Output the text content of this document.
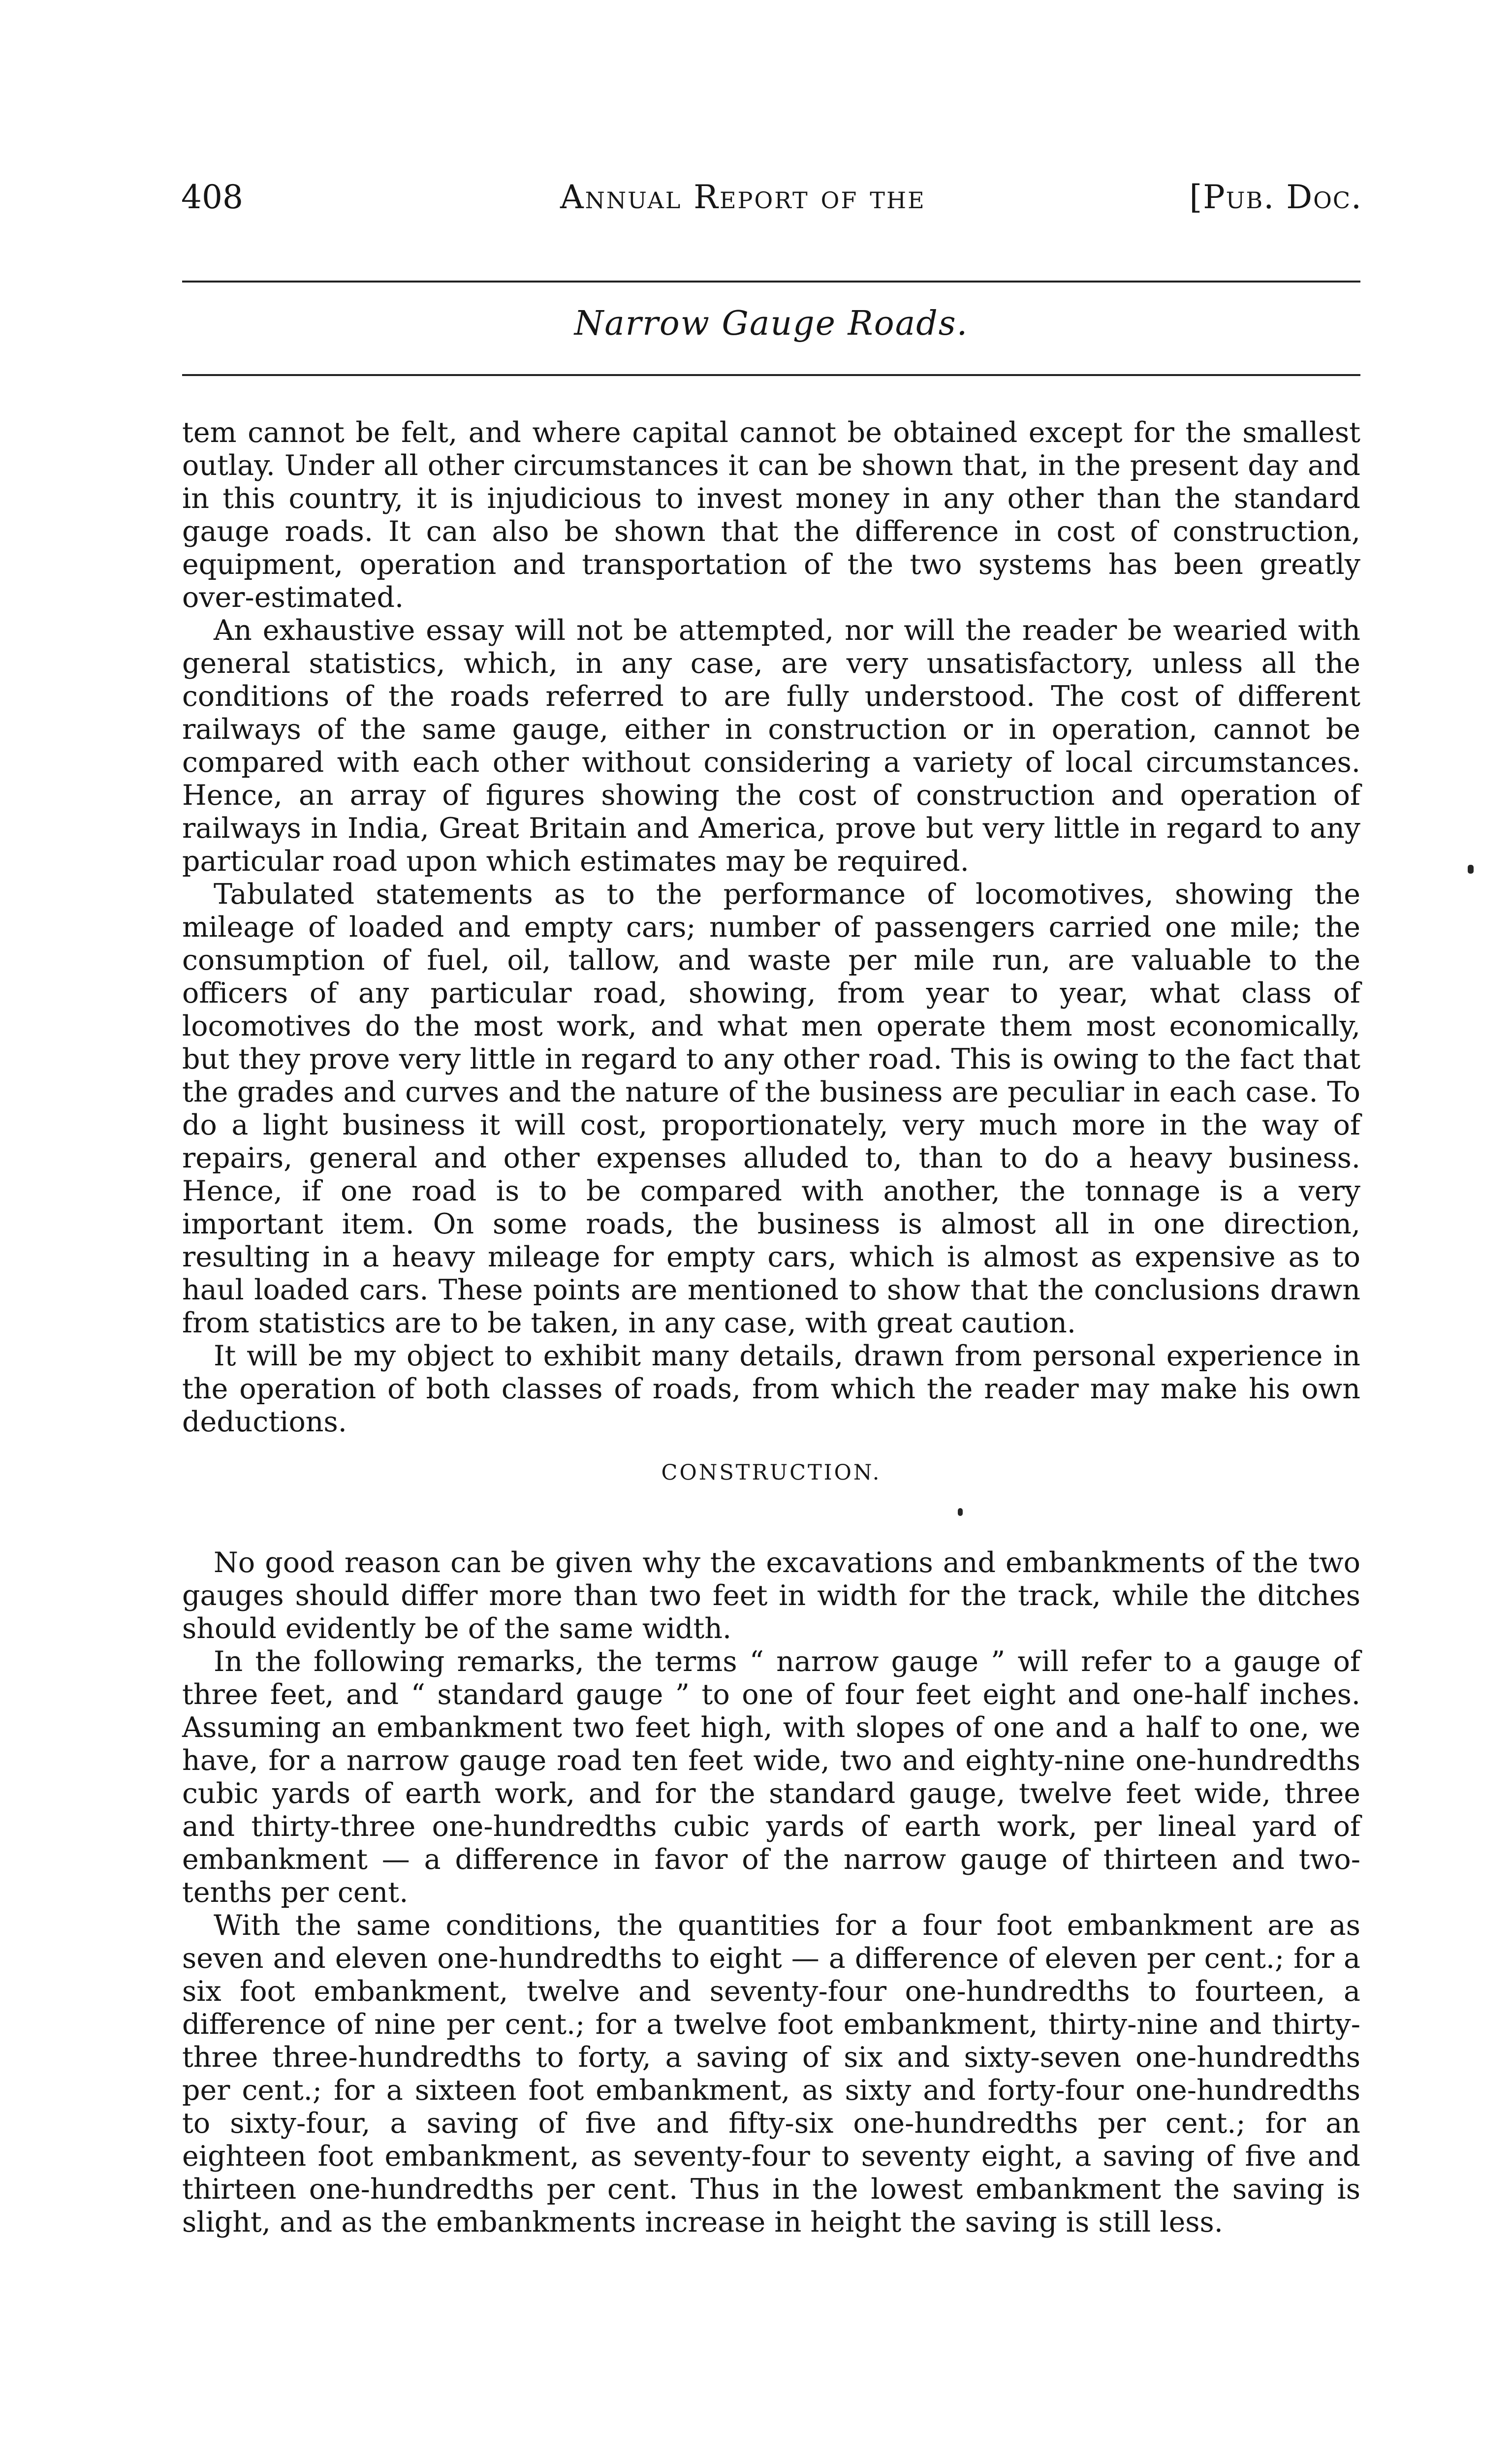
408	Annual Report of the	[Pub. Doc.
Narrow Gauge Roads.

tem cannot be felt, and where capital cannot be obtained except for the smallest outlay. Under all other circumstances it can be shown that, in the present day and in this country, it is injudicious to invest money in any other than the standard gauge roads. It can also be shown that the difference in cost of construction, equipment, operation and transportation of the two systems has been greatly over-estimated.

An exhaustive essay will not be attempted, nor will the reader be wearied with general statistics, which, in any case, are very unsatisfactory, unless all the conditions of the roads referred to are fully understood. The cost of different railways of the same gauge, either in construction or in operation, cannot be compared with each other without considering a variety of local circumstances. Hence, an array of figures showing the cost of construction and operation of railways in India, Great Britain and America, prove but very little in regard to any particular road upon which estimates may be required.

Tabulated statements as to the performance of locomotives, showing the mileage of loaded and empty cars; number of passengers carried one mile; the consumption of fuel, oil, tallow, and waste per mile run, are valuable to the officers of any particular road, showing, from year to year, what class of locomotives do the most work, and what men operate them most economically, but they prove very little in regard to any other road. This is owing to the fact that the grades and curves and the nature of the business are peculiar in each case. To do a light business it will cost, proportionately, very much more in the way of repairs, general and other expenses alluded to, than to do a heavy business. Hence, if one road is to be compared with another, the tonnage is a very important item. On some roads, the business is almost all in one direction, resulting in a heavy mileage for empty cars, which is almost as expensive as to haul loaded cars. These points are mentioned to show that the conclusions drawn from statistics are to be taken, in any case, with great caution.

It will be my object to exhibit many details, drawn from personal experience in the operation of both classes of roads, from which the reader may make his own deductions.

CONSTRUCTION.

No good reason can be given why the excavations and embankments of the two gauges should differ more than two feet in width for the track, while the ditches should evidently be of the same width.

In the following remarks, the terms “ narrow gauge ” will refer to a gauge of three feet, and “ standard gauge ” to one of four feet eight and one-half inches. Assuming an embankment two feet high, with slopes of one and a half to one, we have, for a narrow gauge road ten feet wide, two and eighty-nine one-hundredths cubic yards of earth work, and for the standard gauge, twelve feet wide, three and thirty-three one-hundredths cubic yards of earth work, per lineal yard of embankment — a difference in favor of the narrow gauge of thirteen and two-tenths per cent.

With the same conditions, the quantities for a four foot embankment are as seven and eleven one-hundredths to eight — a difference of eleven per cent.; for a six foot embankment, twelve and seventy-four one-hundredths to fourteen, a difference of nine per cent.; for a twelve foot embankment, thirty-nine and thirty-three three-hundredths to forty, a saving of six and sixty-seven one-hundredths per cent.; for a sixteen foot embankment, as sixty and forty-four one-hundredths to sixty-four, a saving of five and fifty-six one-hundredths per cent.; for an eighteen foot embankment, as seventy-four to seventy eight, a saving of five and thirteen one-hundredths per cent. Thus in the lowest embankment the saving is slight, and as the embankments increase in height the saving is still less.
